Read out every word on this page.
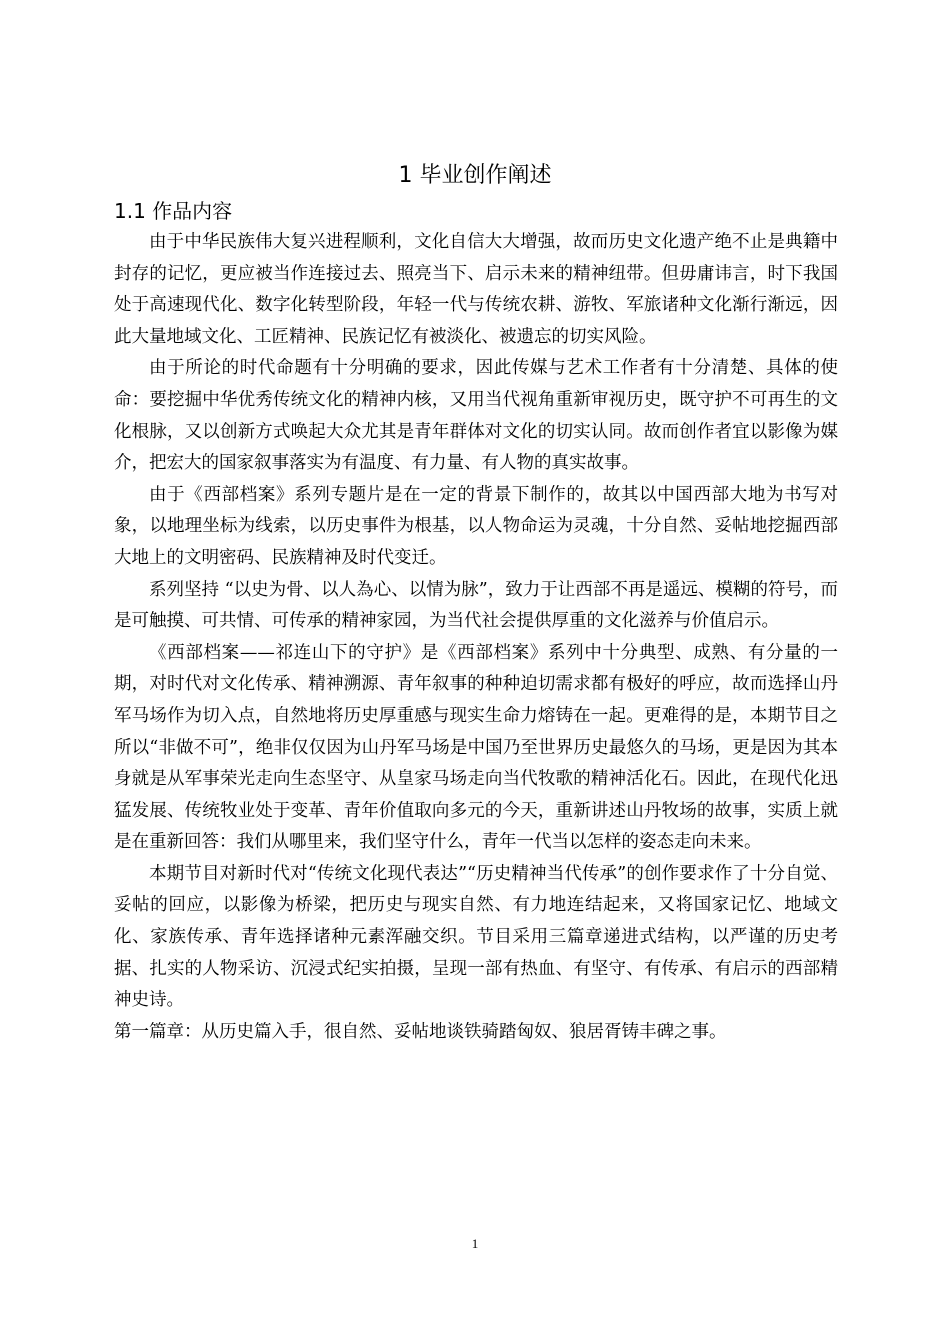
1 毕业创作阐述
1.1 作品内容

由于中华民族伟大复兴进程顺利，文化自信大大增强，故而历史文化遗产绝不止是典籍中封存的记忆，更应被当作连接过去、照亮当下、启示未来的精神纽带。但毋庸讳言，时下我国处于高速现代化、数字化转型阶段，年轻一代与传统农耕、游牧、军旅诸种文化渐行渐远，因此大量地域文化、工匠精神、民族记忆有被淡化、被遗忘的切实风险。

由于所论的时代命题有十分明确的要求，因此传媒与艺术工作者有十分清楚、具体的使命：要挖掘中华优秀传统文化的精神内核，又用当代视角重新审视历史，既守护不可再生的文化根脉，又以创新方式唤起大众尤其是青年群体对文化的切实认同。故而创作者宜以影像为媒介，把宏大的国家叙事落实为有温度、有力量、有人物的真实故事。

由于《西部档案》系列专题片是在一定的背景下制作的，故其以中国西部大地为书写对象，以地理坐标为线索，以历史事件为根基，以人物命运为灵魂，十分自然、妥帖地挖掘西部大地上的文明密码、民族精神及时代变迁。

系列坚持 “以史为骨、以人為心、以情为脉”，致力于让西部不再是遥远、模糊的符号，而是可触摸、可共情、可传承的精神家园，为当代社会提供厚重的文化滋养与价值启示。

《西部档案——祁连山下的守护》是《西部档案》系列中十分典型、成熟、有分量的一期，对时代对文化传承、精神溯源、青年叙事的种种迫切需求都有极好的呼应，故而选择山丹军马场作为切入点，自然地将历史厚重感与现实生命力熔铸在一起。更难得的是，本期节目之所以“非做不可”，绝非仅仅因为山丹军马场是中国乃至世界历史最悠久的马场，更是因为其本身就是从军事荣光走向生态坚守、从皇家马场走向当代牧歌的精神活化石。因此，在现代化迅猛发展、传统牧业处于变革、青年价值取向多元的今天，重新讲述山丹牧场的故事，实质上就是在重新回答：我们从哪里来，我们坚守什么，青年一代当以怎样的姿态走向未来。

本期节目对新时代对“传统文化现代表达”“历史精神当代传承”的创作要求作了十分自觉、妥帖的回应，以影像为桥梁，把历史与现实自然、有力地连结起来，又将国家记忆、地域文化、家族传承、青年选择诸种元素浑融交织。节目采用三篇章递进式结构，以严谨的历史考据、扎实的人物采访、沉浸式纪实拍摄，呈现一部有热血、有坚守、有传承、有启示的西部精神史诗。

第一篇章：从历史篇入手，很自然、妥帖地谈铁骑踏匈奴、狼居胥铸丰碑之事。

1
